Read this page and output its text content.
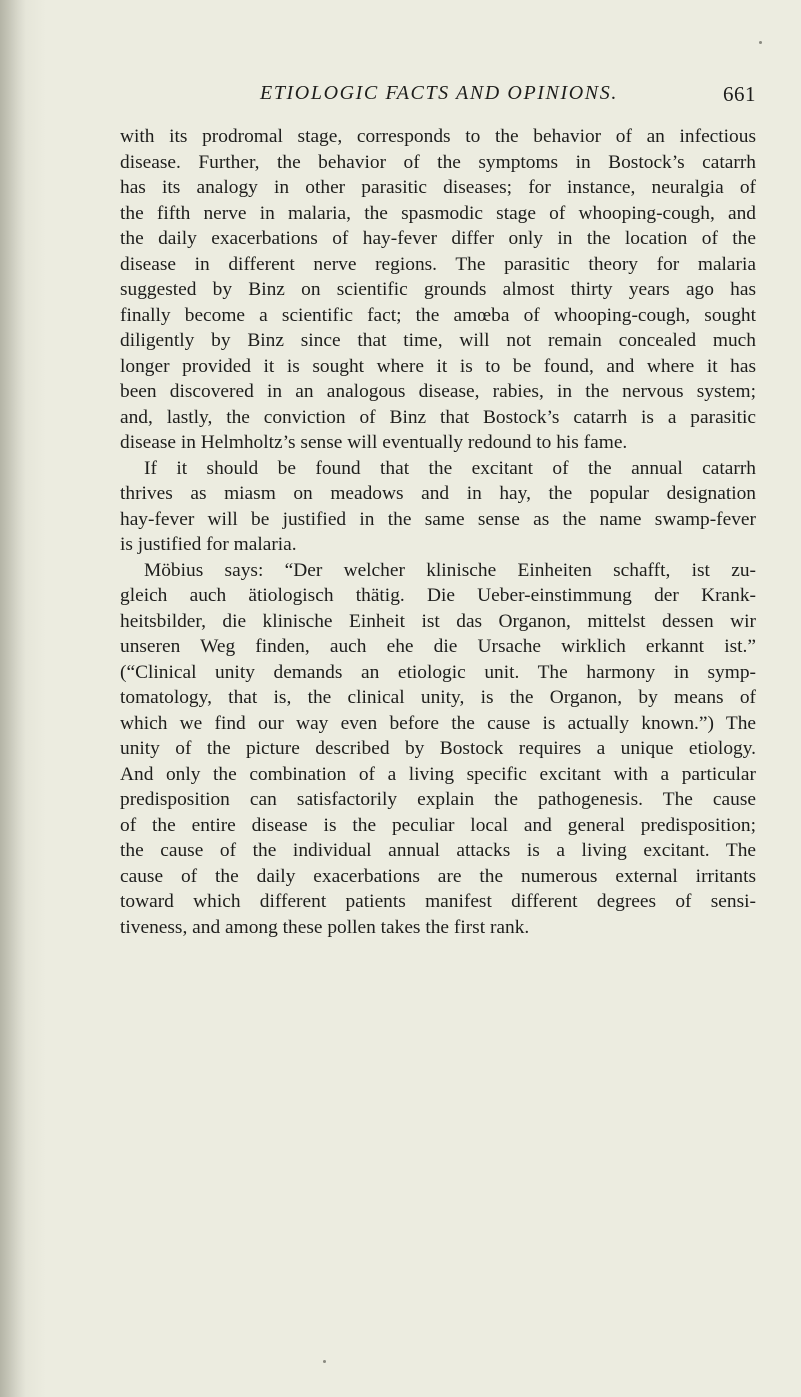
ETIOLOGIC FACTS AND OPINIONS.	661
with its prodromal stage, corresponds to the behavior of an infectious
disease. Further, the behavior of the symptoms in Bostock’s catarrh
has its analogy in other parasitic diseases; for instance, neuralgia of
the fifth nerve in malaria, the spasmodic stage of whooping-cough, and
the daily exacerbations of hay-fever differ only in the location of the
disease in different nerve regions. The parasitic theory for malaria
suggested by Binz on scientific grounds almost thirty years ago has
finally become a scientific fact; the amœba of whooping-cough, sought
diligently by Binz since that time, will not remain concealed much
longer provided it is sought where it is to be found, and where it has
been discovered in an analogous disease, rabies, in the nervous system;
and, lastly, the conviction of Binz that Bostock’s catarrh is a parasitic
disease in Helmholtz’s sense will eventually redound to his fame.
If it should be found that the excitant of the annual catarrh
thrives as miasm on meadows and in hay, the popular designation
hay-fever will be justified in the same sense as the name swamp-fever
is justified for malaria.
Möbius says: “Der welcher klinische Einheiten schafft, ist zu-
gleich auch ätiologisch thätig. Die Ueber-einstimmung der Krank-
heitsbilder, die klinische Einheit ist das Organon, mittelst dessen wir
unseren Weg finden, auch ehe die Ursache wirklich erkannt ist.”
(“Clinical unity demands an etiologic unit. The harmony in symp-
tomatology, that is, the clinical unity, is the Organon, by means of
which we find our way even before the cause is actually known.”) The
unity of the picture described by Bostock requires a unique etiology.
And only the combination of a living specific excitant with a particular
predisposition can satisfactorily explain the pathogenesis. The cause
of the entire disease is the peculiar local and general predisposition;
the cause of the individual annual attacks is a living excitant. The
cause of the daily exacerbations are the numerous external irritants
toward which different patients manifest different degrees of sensi-
tiveness, and among these pollen takes the first rank.
